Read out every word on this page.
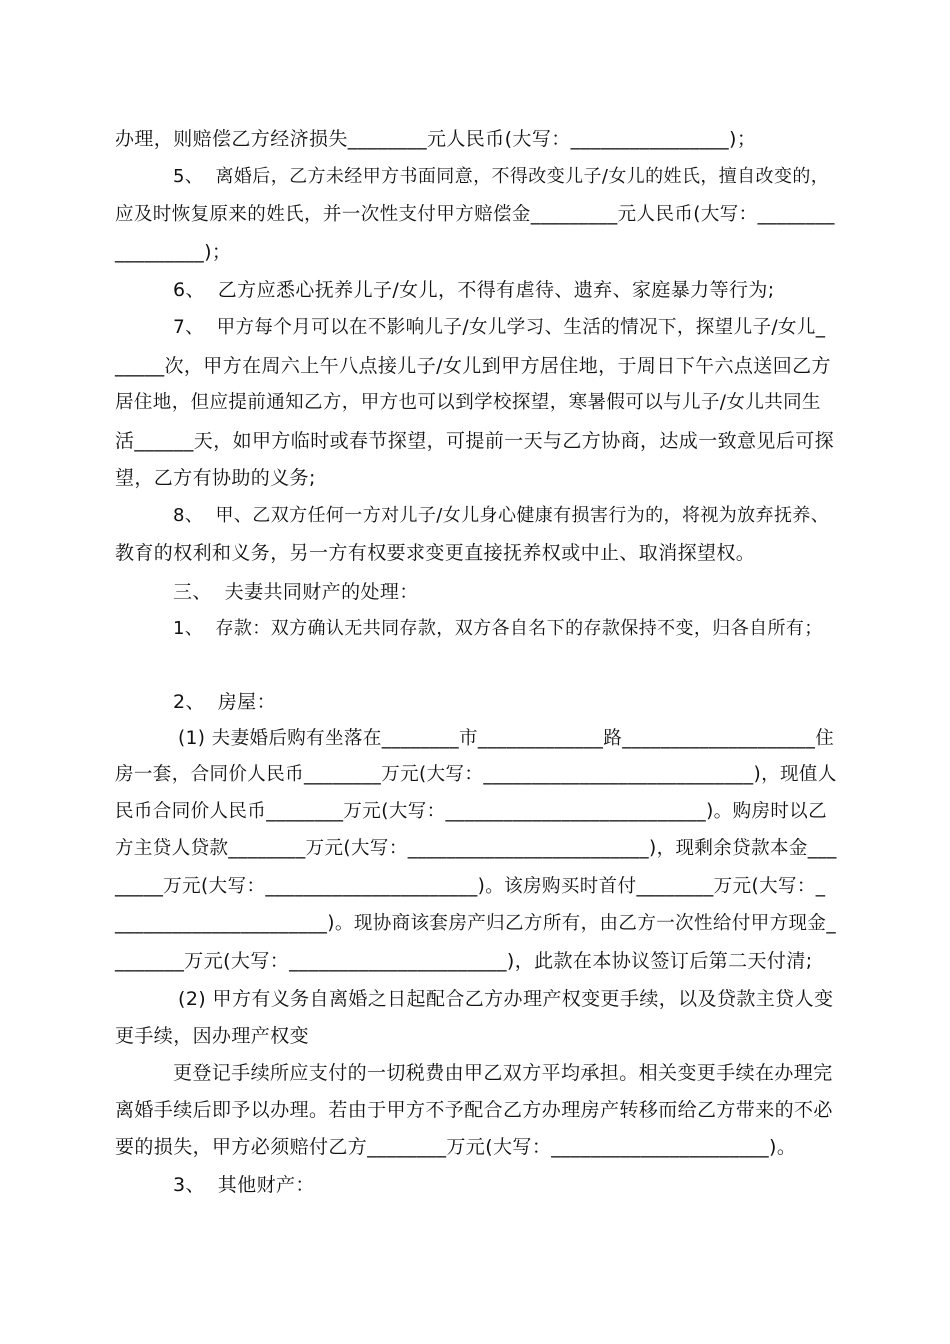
办理，则赔偿乙方经济损失________元人民币(大写：________________)；
5、  离婚后，乙方未经甲方书面同意，不得改变儿子/女儿的姓氏，擅自改变的，
应及时恢复原来的姓氏，并一次性支付甲方赔偿金_________元人民币(大写：________
_________)；
6、  乙方应悉心抚养儿子/女儿，不得有虐待、遗弃、家庭暴力等行为;
7、  甲方每个月可以在不影响儿子/女儿学习、生活的情况下，探望儿子/女儿_
_____次，甲方在周六上午八点接儿子/女儿到甲方居住地，于周日下午六点送回乙方
居住地，但应提前通知乙方，甲方也可以到学校探望，寒暑假可以与儿子/女儿共同生
活______天，如甲方临时或春节探望，可提前一天与乙方协商，达成一致意见后可探
望，乙方有协助的义务;
8、  甲、乙双方任何一方对儿子/女儿身心健康有损害行为的，将视为放弃抚养、
教育的权利和义务，另一方有权要求变更直接抚养权或中止、取消探望权。
三、  夫妻共同财产的处理：
1、  存款：双方确认无共同存款，双方各自名下的存款保持不变，归各自所有；
2、  房屋：
(1) 夫妻婚后购有坐落在________市_____________路____________________住
房一套，合同价人民币________万元(大写：____________________________)，现值人
民币合同价人民币________万元(大写：___________________________)。购房时以乙
方主贷人贷款________万元(大写：_________________________)，现剩余贷款本金___
_____万元(大写：______________________)。该房购买时首付________万元(大写：_
______________________)。现协商该套房产归乙方所有，由乙方一次性给付甲方现金_
_______万元(大写：______________________)，此款在本协议签订后第二天付清;
(2) 甲方有义务自离婚之日起配合乙方办理产权变更手续，以及贷款主贷人变
更手续，因办理产权变
更登记手续所应支付的一切税费由甲乙双方平均承担。相关变更手续在办理完
离婚手续后即予以办理。若由于甲方不予配合乙方办理房产转移而给乙方带来的不必
要的损失，甲方必须赔付乙方________万元(大写：______________________)。
3、  其他财产：
